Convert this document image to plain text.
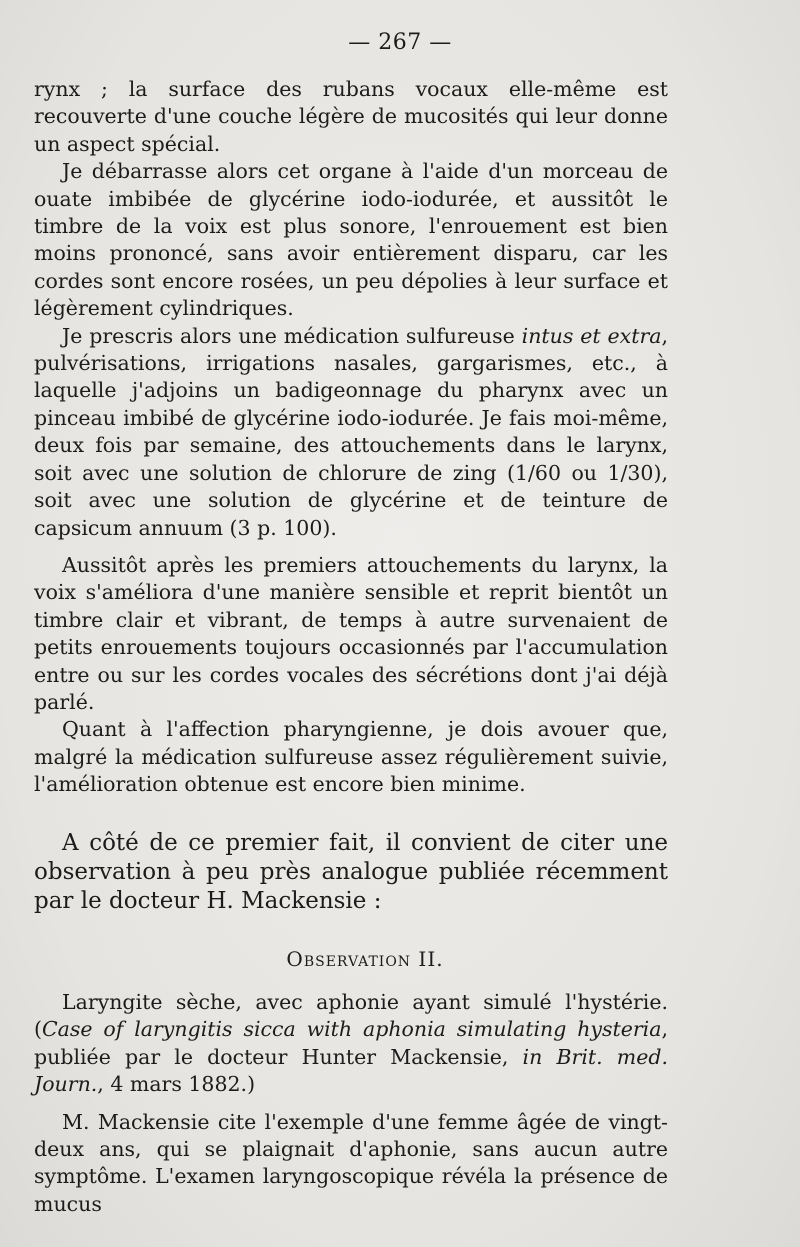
— 267 —

rynx ; la surface des rubans vocaux elle-même est recouverte d'une couche légère de mucosités qui leur donne un aspect spécial.

Je débarrasse alors cet organe à l'aide d'un morceau de ouate imbibée de glycérine iodo-iodurée, et aussitôt le timbre de la voix est plus sonore, l'enrouement est bien moins prononcé, sans avoir entièrement disparu, car les cordes sont encore rosées, un peu dépolies à leur surface et légèrement cylindriques.

Je prescris alors une médication sulfureuse intus et extra, pulvérisations, irrigations nasales, gargarismes, etc., à laquelle j'adjoins un badigeonnage du pharynx avec un pinceau imbibé de glycérine iodo-iodurée. Je fais moi-même, deux fois par semaine, des attouchements dans le larynx, soit avec une solution de chlorure de zing (1/60 ou 1/30), soit avec une solution de glycérine et de teinture de capsicum annuum (3 p. 100).

Aussitôt après les premiers attouchements du larynx, la voix s'améliora d'une manière sensible et reprit bientôt un timbre clair et vibrant, de temps à autre survenaient de petits enrouements toujours occasionnés par l'accumulation entre ou sur les cordes vocales des sécrétions dont j'ai déjà parlé.

Quant à l'affection pharyngienne, je dois avouer que, malgré la médication sulfureuse assez régulièrement suivie, l'amélioration obtenue est encore bien minime.

A côté de ce premier fait, il convient de citer une observation à peu près analogue publiée récemment par le docteur H. Mackensie :

Observation II.

Laryngite sèche, avec aphonie ayant simulé l'hystérie. (Case of laryngitis sicca with aphonia simulating hysteria, publiée par le docteur Hunter Mackensie, in Brit. med. Journ., 4 mars 1882.)

M. Mackensie cite l'exemple d'une femme âgée de vingt-deux ans, qui se plaignait d'aphonie, sans aucun autre symptôme. L'examen laryngoscopique révéla la présence de mucus
